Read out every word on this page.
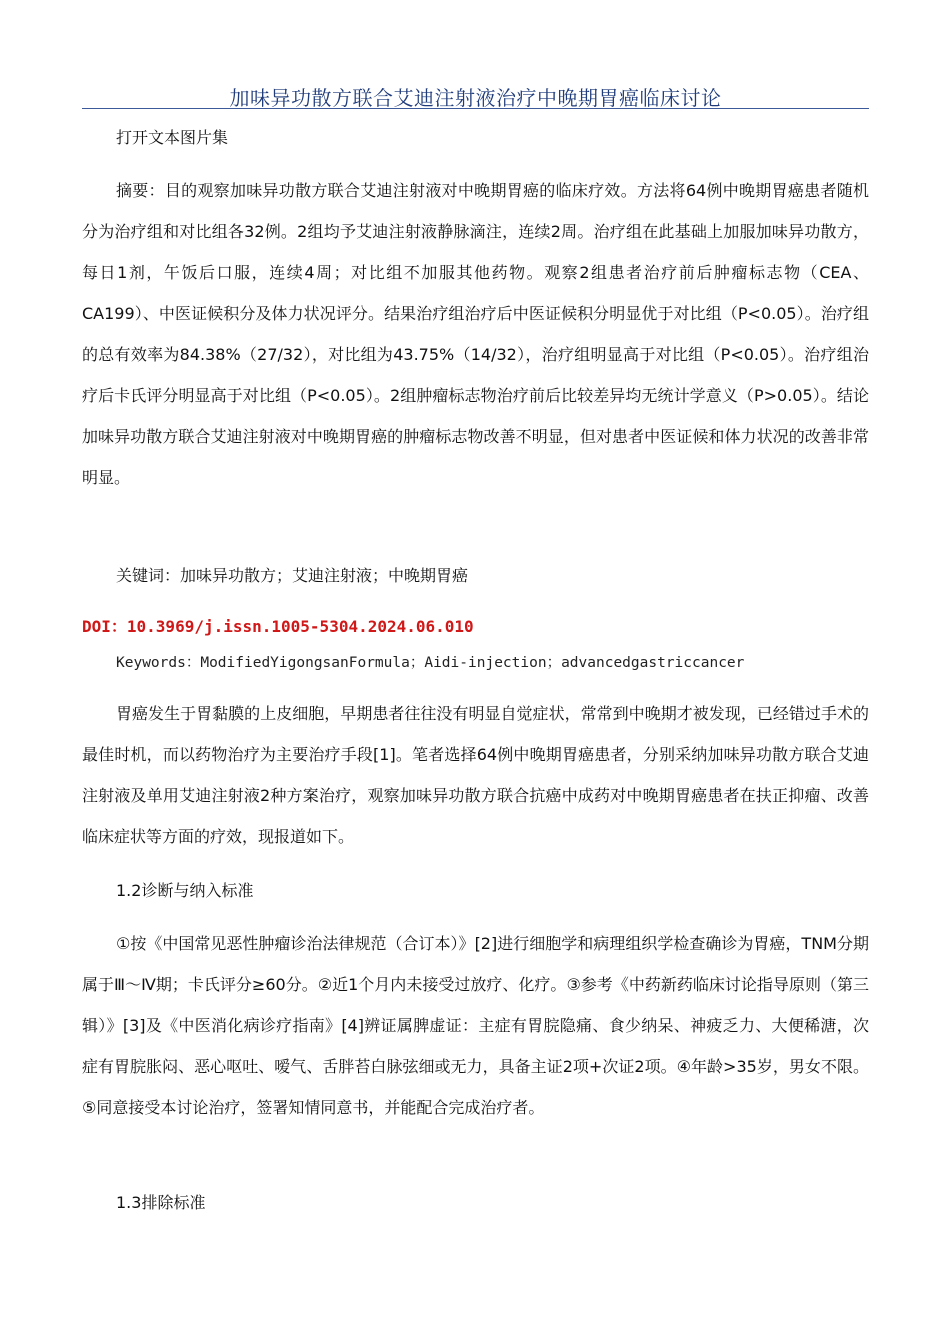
加味异功散方联合艾迪注射液治疗中晚期胃癌临床讨论
打开文本图片集

摘要：目的观察加味异功散方联合艾迪注射液对中晚期胃癌的临床疗效。方法将64例中晚期胃癌患者随机分为治疗组和对比组各32例。2组均予艾迪注射液静脉滴注，连续2周。治疗组在此基础上加服加味异功散方，每日1剂，午饭后口服，连续4周；对比组不加服其他药物。观察2组患者治疗前后肿瘤标志物（CEA、CA199）、中医证候积分及体力状况评分。结果治疗组治疗后中医证候积分明显优于对比组（P<0.05）。治疗组的总有效率为84.38%（27/32），对比组为43.75%（14/32），治疗组明显高于对比组（P<0.05）。治疗组治疗后卡氏评分明显高于对比组（P<0.05）。2组肿瘤标志物治疗前后比较差异均无统计学意义（P>0.05）。结论加味异功散方联合艾迪注射液对中晚期胃癌的肿瘤标志物改善不明显，但对患者中医证候和体力状况的改善非常明显。

关键词：加味异功散方；艾迪注射液；中晚期胃癌
DOI：10.3969/j.issn.1005-5304.2024.06.010
Keywords：ModifiedYigongsanFormula；Aidi-injection；advancedgastriccancer

胃癌发生于胃黏膜的上皮细胞，早期患者往往没有明显自觉症状，常常到中晚期才被发现，已经错过手术的最佳时机，而以药物治疗为主要治疗手段[1]。笔者选择64例中晚期胃癌患者，分别采纳加味异功散方联合艾迪注射液及单用艾迪注射液2种方案治疗，观察加味异功散方联合抗癌中成药对中晚期胃癌患者在扶正抑瘤、改善临床症状等方面的疗效，现报道如下。

1.2诊断与纳入标准

①按《中国常见恶性肿瘤诊治法律规范（合订本）》[2]进行细胞学和病理组织学检查确诊为胃癌，TNM分期属于Ⅲ～Ⅳ期；卡氏评分≥60分。②近1个月内未接受过放疗、化疗。③参考《中药新药临床讨论指导原则（第三辑）》[3]及《中医消化病诊疗指南》[4]辨证属脾虚证：主症有胃脘隐痛、食少纳呆、神疲乏力、大便稀溏，次症有胃脘胀闷、恶心呕吐、嗳气、舌胖苔白脉弦细或无力，具备主证2项+次证2项。④年龄>35岁，男女不限。⑤同意接受本讨论治疗，签署知情同意书，并能配合完成治疗者。

1.3排除标准
